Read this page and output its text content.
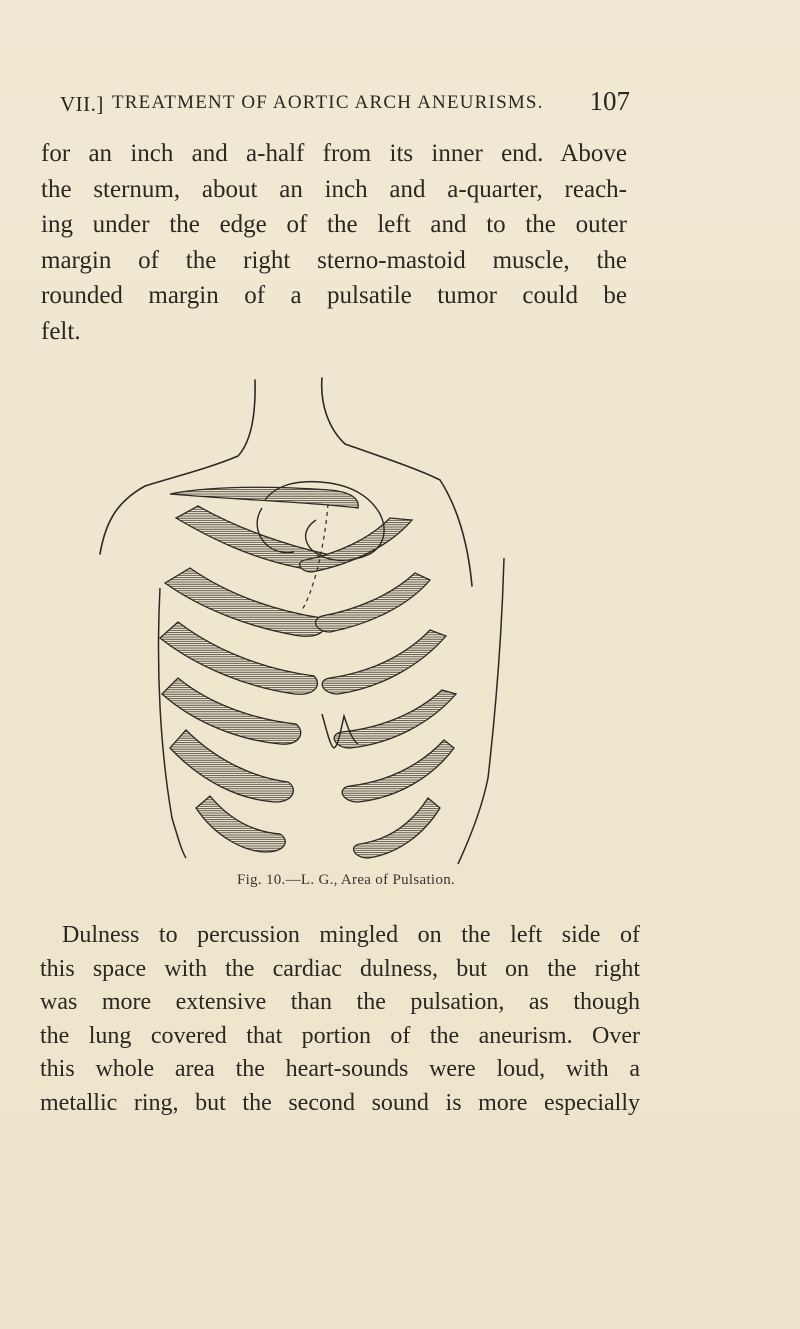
VII.] TREATMENT OF AORTIC ARCH ANEURISMS. 107
for an inch and a-half from its inner end. Above
the sternum, about an inch and a-quarter, reach-
ing under the edge of the left and to the outer
margin of the right sterno-mastoid muscle, the
rounded margin of a pulsatile tumor could be
felt.
Fig. 10.—L. G., Area of Pulsation.
Dulness to percussion mingled on the left side of
this space with the cardiac dulness, but on the right
was more extensive than the pulsation, as though
the lung covered that portion of the aneurism. Over
this whole area the heart-sounds were loud, with a
metallic ring, but the second sound is more especially
